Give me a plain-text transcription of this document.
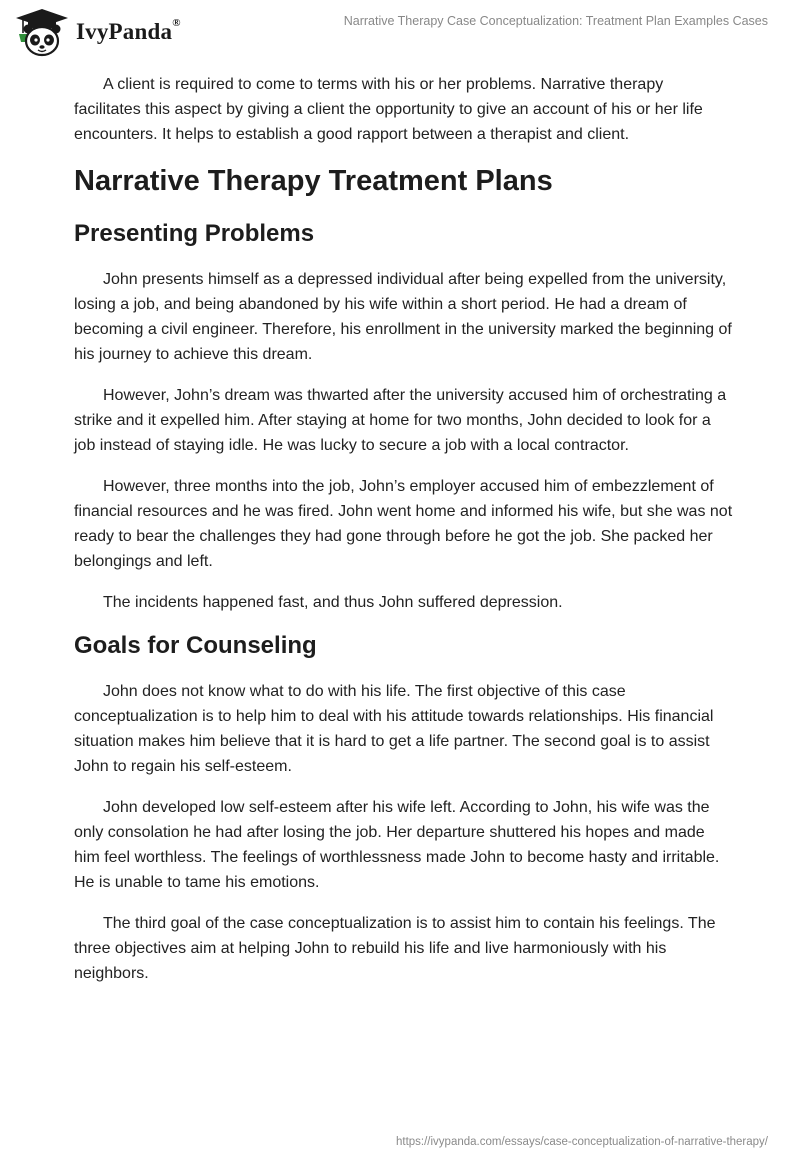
IvyPanda®	Narrative Therapy Case Conceptualization: Treatment Plan Examples Cases

A client is required to come to terms with his or her problems. Narrative therapy facilitates this aspect by giving a client the opportunity to give an account of his or her life encounters. It helps to establish a good rapport between a therapist and client.

Narrative Therapy Treatment Plans
Presenting Problems

John presents himself as a depressed individual after being expelled from the university, losing a job, and being abandoned by his wife within a short period. He had a dream of becoming a civil engineer. Therefore, his enrollment in the university marked the beginning of his journey to achieve this dream.

However, John’s dream was thwarted after the university accused him of orchestrating a strike and it expelled him. After staying at home for two months, John decided to look for a job instead of staying idle. He was lucky to secure a job with a local contractor.

However, three months into the job, John’s employer accused him of embezzlement of financial resources and he was fired. John went home and informed his wife, but she was not ready to bear the challenges they had gone through before he got the job. She packed her belongings and left.

The incidents happened fast, and thus John suffered depression.

Goals for Counseling

John does not know what to do with his life. The first objective of this case conceptualization is to help him to deal with his attitude towards relationships. His financial situation makes him believe that it is hard to get a life partner. The second goal is to assist John to regain his self-esteem.

John developed low self-esteem after his wife left. According to John, his wife was the only consolation he had after losing the job. Her departure shuttered his hopes and made him feel worthless. The feelings of worthlessness made John to become hasty and irritable. He is unable to tame his emotions.

The third goal of the case conceptualization is to assist him to contain his feelings. The three objectives aim at helping John to rebuild his life and live harmoniously with his neighbors.

https://ivypanda.com/essays/case-conceptualization-of-narrative-therapy/
